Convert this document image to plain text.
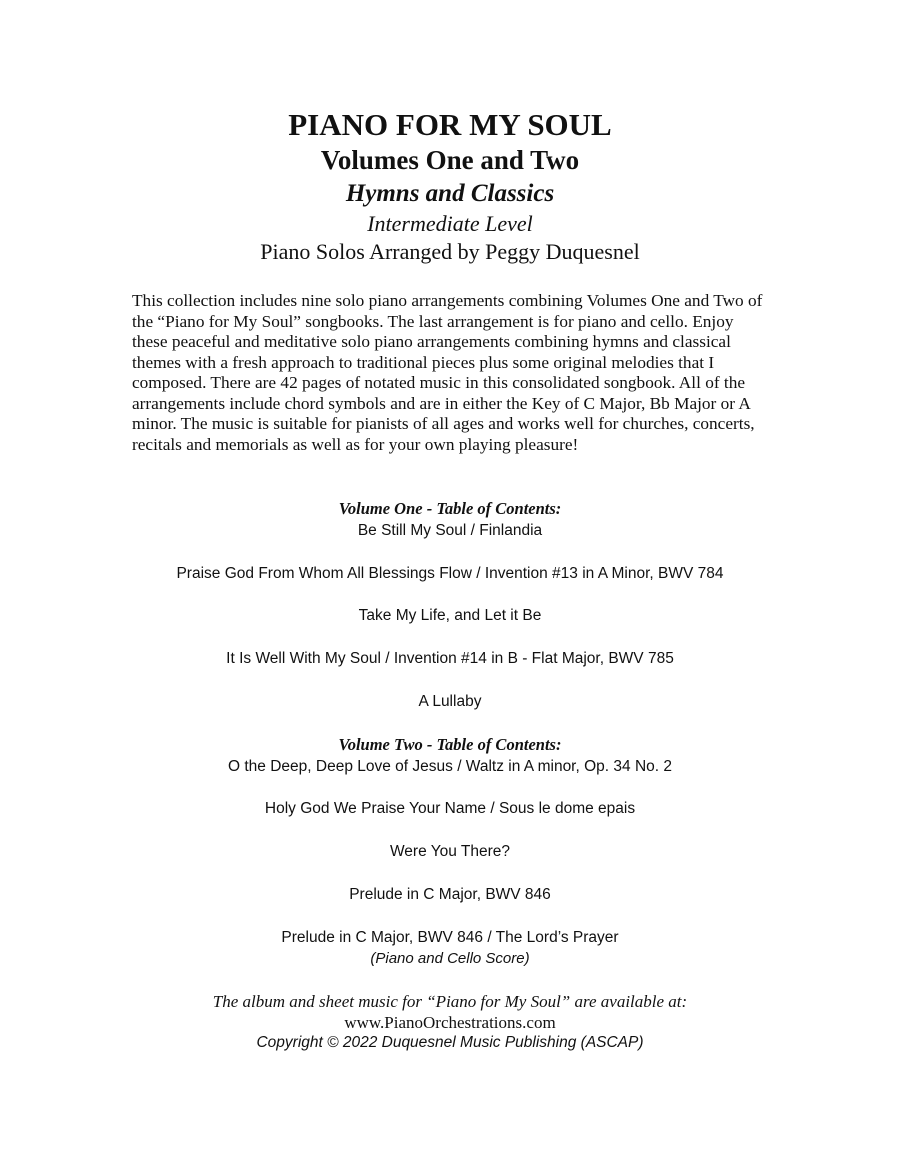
PIANO FOR MY SOUL
Volumes One and Two
Hymns and Classics
Intermediate Level
Piano Solos Arranged by Peggy Duquesnel

This collection includes nine solo piano arrangements combining Volumes One and Two of the “Piano for My Soul” songbooks. The last arrangement is for piano and cello. Enjoy these peaceful and meditative solo piano arrangements combining hymns and classical themes with a fresh approach to traditional pieces plus some original melodies that I composed. There are 42 pages of notated music in this consolidated songbook. All of the arrangements include chord symbols and are in either the Key of C Major, Bb Major or A minor. The music is suitable for pianists of all ages and works well for churches, concerts, recitals and memorials as well as for your own playing pleasure!

Volume One - Table of Contents:
Be Still My Soul / Finlandia
Praise God From Whom All Blessings Flow / Invention #13 in A Minor, BWV 784
Take My Life, and Let it Be
It Is Well With My Soul / Invention #14 in B - Flat Major, BWV 785
A Lullaby
Volume Two - Table of Contents:
O the Deep, Deep Love of Jesus / Waltz in A minor, Op. 34 No. 2
Holy God We Praise Your Name / Sous le dome epais
Were You There?
Prelude in C Major, BWV 846
Prelude in C Major, BWV 846 / The Lord’s Prayer
(Piano and Cello Score)
The album and sheet music for “Piano for My Soul” are available at:
www.PianoOrchestrations.com
Copyright © 2022 Duquesnel Music Publishing (ASCAP)
